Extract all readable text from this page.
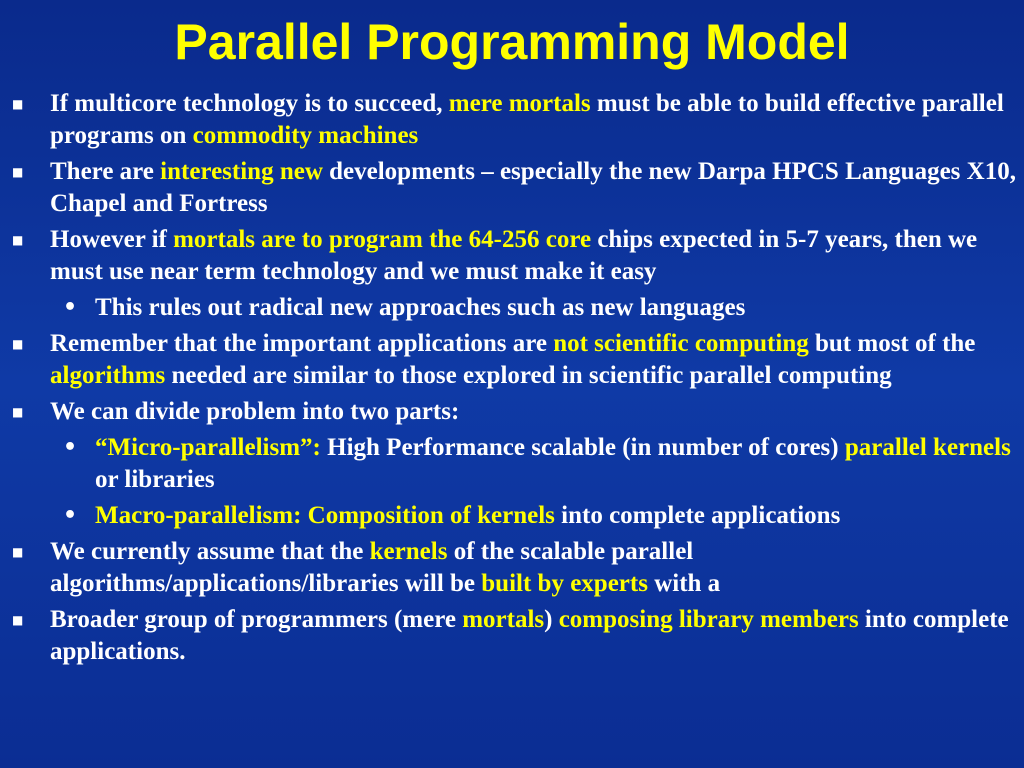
Parallel Programming Model
■ If multicore technology is to succeed, mere mortals must be able to build effective parallel programs on commodity machines
■ There are interesting new developments – especially the new Darpa HPCS Languages X10, Chapel and Fortress
■ However if mortals are to program the 64-256 core chips expected in 5-7 years, then we must use near term technology and we must make it easy
• This rules out radical new approaches such as new languages
■ Remember that the important applications are not scientific computing but most of the algorithms needed are similar to those explored in scientific parallel computing
■ We can divide problem into two parts:
• “Micro-parallelism”: High Performance scalable (in number of cores) parallel kernels or libraries
• Macro-parallelism: Composition of kernels into complete applications
■ We currently assume that the kernels of the scalable parallel algorithms/applications/libraries will be built by experts with a
■ Broader group of programmers (mere mortals) composing library members into complete applications.
